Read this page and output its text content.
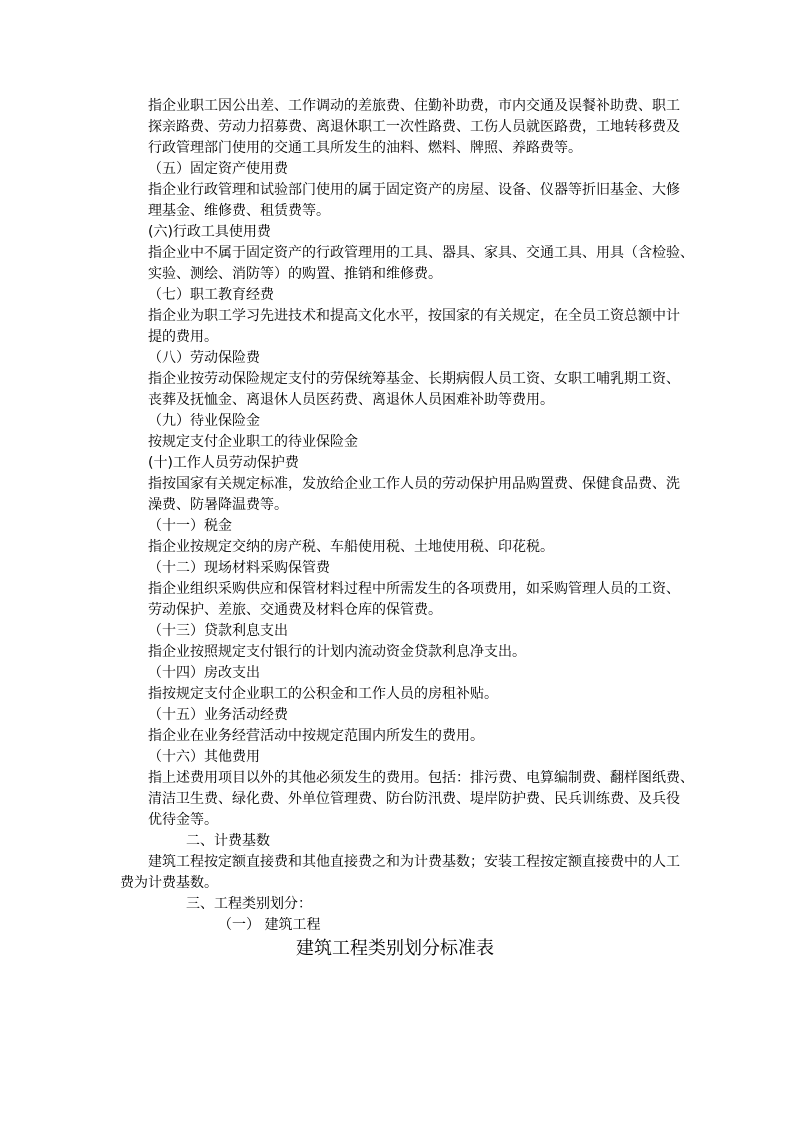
指企业职工因公出差、工作调动的差旅费、住勤补助费，市内交通及误餐补助费、职工
探亲路费、劳动力招募费、离退休职工一次性路费、工伤人员就医路费，工地转移费及
行政管理部门使用的交通工具所发生的油料、燃料、牌照、养路费等。
（五）固定资产使用费
指企业行政管理和试验部门使用的属于固定资产的房屋、设备、仪器等折旧基金、大修
理基金、维修费、租赁费等。
(六)行政工具使用费
指企业中不属于固定资产的行政管理用的工具、器具、家具、交通工具、用具（含检验、
实验、测绘、消防等）的购置、推销和维修费。
（七）职工教育经费
指企业为职工学习先进技术和提高文化水平，按国家的有关规定，在全员工资总额中计
提的费用。
（八）劳动保险费
指企业按劳动保险规定支付的劳保统筹基金、长期病假人员工资、女职工哺乳期工资、
丧葬及抚恤金、离退休人员医药费、离退休人员困难补助等费用。
（九）待业保险金
按规定支付企业职工的待业保险金
(十)工作人员劳动保护费
指按国家有关规定标准，发放给企业工作人员的劳动保护用品购置费、保健食品费、洗
澡费、防暑降温费等。
（十一）税金
指企业按规定交纳的房产税、车船使用税、土地使用税、印花税。
（十二）现场材料采购保管费
指企业组织采购供应和保管材料过程中所需发生的各项费用，如采购管理人员的工资、
劳动保护、差旅、交通费及材料仓库的保管费。
（十三）贷款利息支出
指企业按照规定支付银行的计划内流动资金贷款利息净支出。
（十四）房改支出
指按规定支付企业职工的公积金和工作人员的房租补贴。
（十五）业务活动经费
指企业在业务经营活动中按规定范围内所发生的费用。
（十六）其他费用
指上述费用项目以外的其他必须发生的费用。包括：排污费、电算编制费、翻样图纸费、
清洁卫生费、绿化费、外单位管理费、防台防汛费、堤岸防护费、民兵训练费、及兵役
优待金等。
二、计费基数
建筑工程按定额直接费和其他直接费之和为计费基数；安装工程按定额直接费中的人工
费为计费基数。
三、工程类别划分：
（一） 建筑工程
建筑工程类别划分标准表
